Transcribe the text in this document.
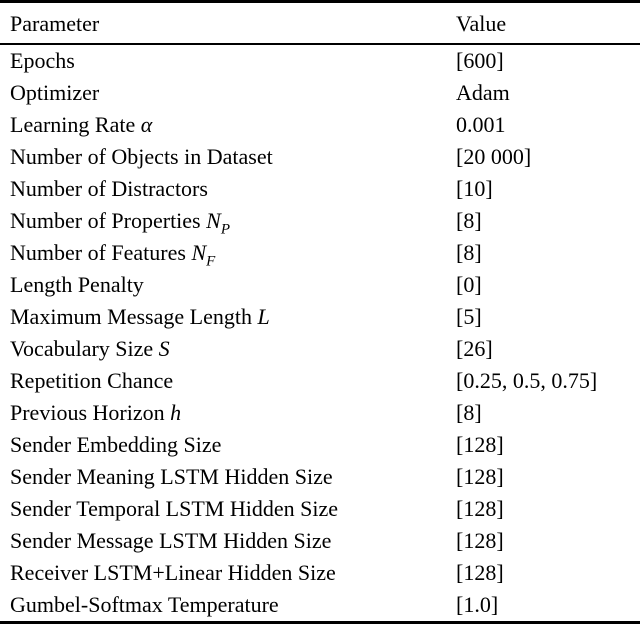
Parameter	Value
Epochs	[600]
Optimizer	Adam
Learning Rate α	0.001
Number of Objects in Dataset	[20 000]
Number of Distractors	[10]
Number of Properties $N_P$	[8]
Number of Features $N_F$	[8]
Length Penalty	[0]
Maximum Message Length L	[5]
Vocabulary Size S	[26]
Repetition Chance	[0.25, 0.5, 0.75]
Previous Horizon h	[8]
Sender Embedding Size	[128]
Sender Meaning LSTM Hidden Size	[128]
Sender Temporal LSTM Hidden Size	[128]
Sender Message LSTM Hidden Size	[128]
Receiver LSTM+Linear Hidden Size	[128]
Gumbel-Softmax Temperature	[1.0]
